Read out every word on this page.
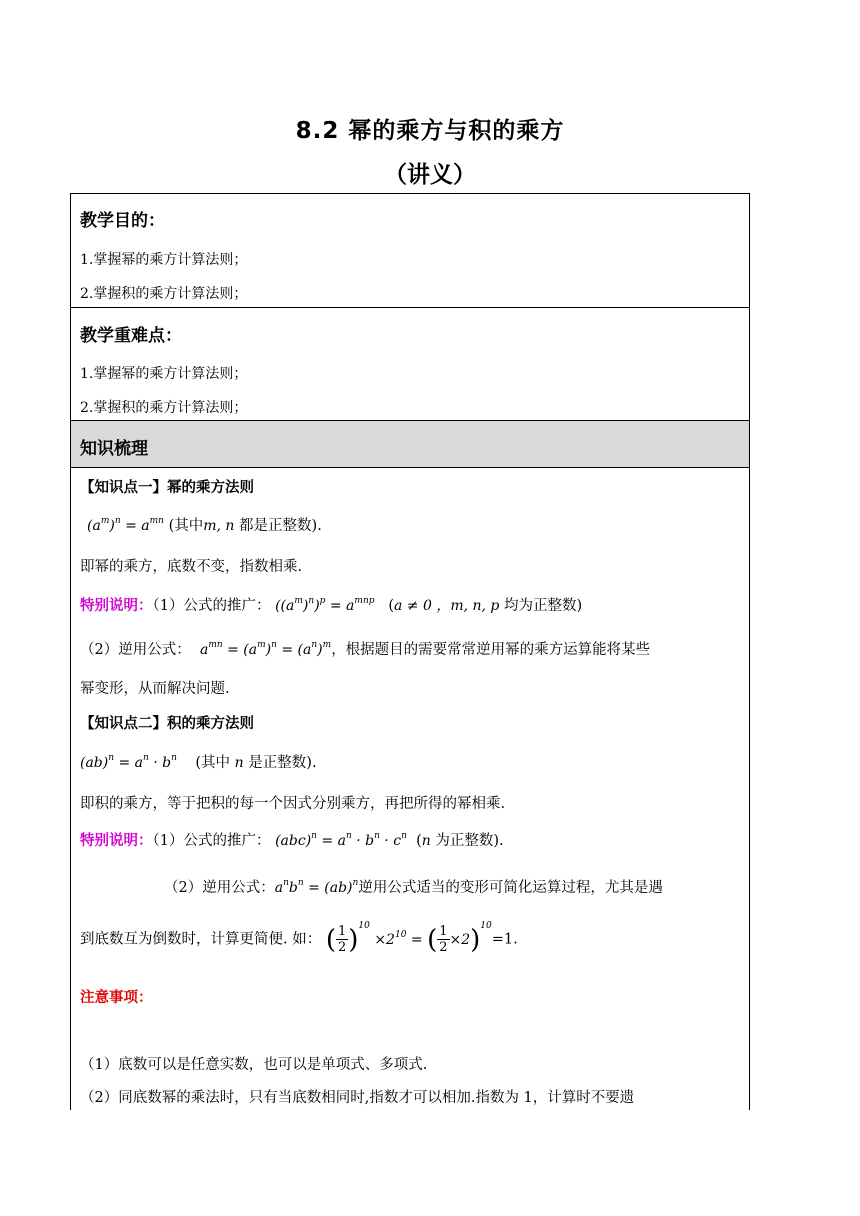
8.2 幂的乘方与积的乘方
（讲义）
教学目的：
1.掌握幂的乘方计算法则；
2.掌握积的乘方计算法则；
教学重难点：
1.掌握幂的乘方计算法则；
2.掌握积的乘方计算法则；
知识梳理
【知识点一】幂的乘方法则
$(a^m)^n = a^{mn}$ (其中m, n 都是正整数).
即幂的乘方，底数不变，指数相乘.
特别说明：（1）公式的推广： $((a^m)^n)^p = a^{mnp}$ (a ≠ 0 ，m, n, p 均为正整数)
（2）逆用公式： $a^{mn} = (a^m)^n = (a^n)^m$，根据题目的需要常常逆用幂的乘方运算能将某些
幂变形，从而解决问题.
【知识点二】积的乘方法则
$(ab)^n = a^n \cdot b^n$ (其中 n 是正整数).
即积的乘方，等于把积的每一个因式分别乘方，再把所得的幂相乘.
特别说明：（1）公式的推广： $(abc)^n = a^n \cdot b^n \cdot c^n$ (n 为正整数).
（2）逆用公式：$a^nb^n = (ab)^n$逆用公式适当的变形可简化运算过程，尤其是遇
到底数互为倒数时，计算更简便. 如： ( $\frac{1}{2} )^{10} \times 2^{10}$ = ( $\frac{1}{2} \times 2)^{10}=1$.
注意事项：
（1）底数可以是任意实数，也可以是单项式、多项式.
（2）同底数幂的乘法时，只有当底数相同时,指数才可以相加.指数为 1，计算时不要遗
